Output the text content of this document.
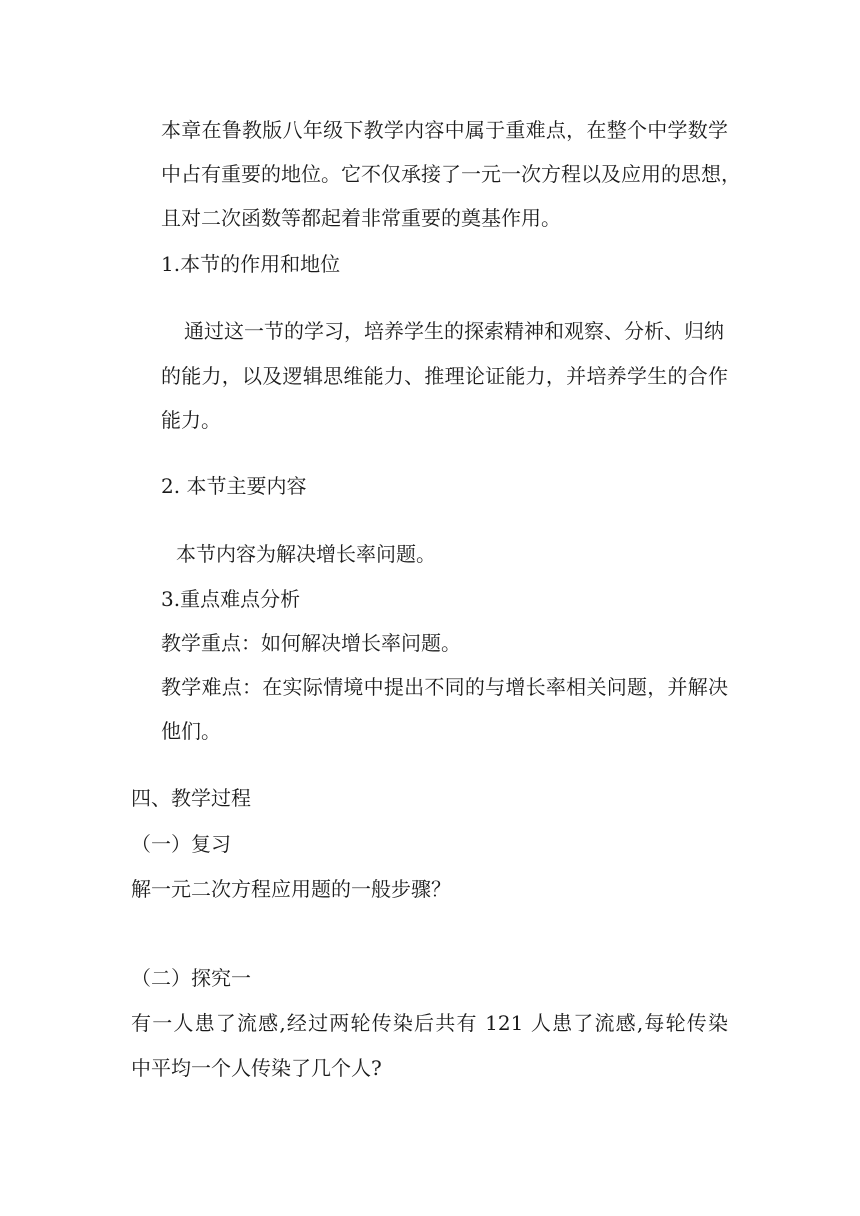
本章在鲁教版八年级下教学内容中属于重难点，在整个中学数学

中占有重要的地位。它不仅承接了一元一次方程以及应用的思想，

且对二次函数等都起着非常重要的奠基作用。

1.本节的作用和地位

通过这一节的学习，培养学生的探索精神和观察、分析、归纳

的能力，以及逻辑思维能力、推理论证能力，并培养学生的合作

能力。

2. 本节主要内容

本节内容为解决增长率问题。

3.重点难点分析

教学重点：如何解决增长率问题。

教学难点：在实际情境中提出不同的与增长率相关问题，并解决

他们。

四、教学过程

（一）复习

解一元二次方程应用题的一般步骤？

（二）探究一

有一人患了流感,经过两轮传染后共有 121 人患了流感,每轮传染

中平均一个人传染了几个人?
